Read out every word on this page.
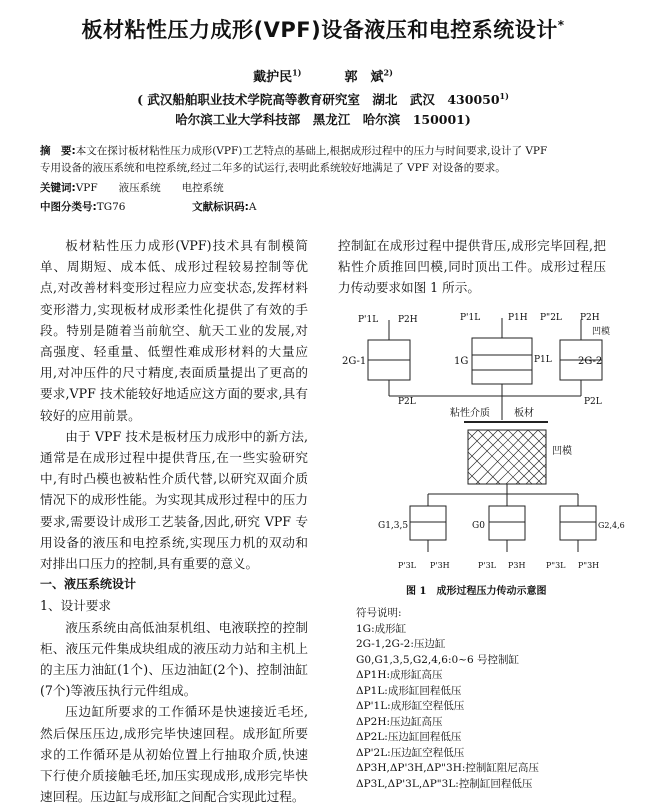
板材粘性压力成形(VPF)设备液压和电控系统设计*
戴护民$^{1)}$	郭　斌$^{2)}$
( 武汉船舶职业技术学院高等教育研究室　湖北　武汉　430050$^{1)}$
哈尔滨工业大学科技部　黑龙江　哈尔滨　150001)
摘　要:本文在探讨板材粘性压力成形(VPF)工艺特点的基础上,根据成形过程中的压力与时间要求,设计了 VPF
专用设备的液压系统和电控系统,经过二年多的试运行,表明此系统较好地满足了 VPF 对设备的要求。
关键词:VPF　　液压系统　　电控系统
中图分类号:TG76	文献标识码:A

板材粘性压力成形(VPF)技术具有制模简单、周期短、成本低、成形过程较易控制等优点,对改善材料变形过程应力应变状态,发挥材料变形潜力,实现板材成形柔性化提供了有效的手段。特别是随着当前航空、航天工业的发展,对高强度、轻重量、低塑性难成形材料的大量应用,对冲压件的尺寸精度,表面质量提出了更高的要求,VPF 技术能较好地适应这方面的要求,具有较好的应用前景。

由于 VPF 技术是板材压力成形中的新方法,通常是在成形过程中提供背压,在一些实验研究中,有时凸模也被粘性介质代替,以研究双面介质情况下的成形性能。为实现其成形过程中的压力要求,需要设计成形工艺装备,因此,研究 VPF 专用设备的液压和电控系统,实现压力机的双动和对排出口压力的控制,具有重要的意义。

一、液压系统设计

1、设计要求

液压系统由高低油泵机组、电液联控的控制柜、液压元件集成块组成的液压动力站和主机上的主压力油缸(1个)、压边油缸(2个)、控制油缸(7个)等液压执行元件组成。

压边缸所要求的工作循环是快速接近毛坯,然后保压压边,成形完毕快速回程。成形缸所要求的工作循环是从初始位置上行抽取介质,快速下行使介质接触毛坯,加压实现成形,成形完毕快速回程。压边缸与成形缸之间配合实现此过程。

控制缸在成形过程中提供背压,成形完毕回程,把粘性介质推回凹模,同时顶出工件。成形过程压力传动要求如图 1 所示。

P'1L P2H	P'1L	P1H P"2L P2H
凹模
2G-1	1G	P1L	2G-2
P2L	P2L
粘性介质 板材
凹模
G1,3,5	G0	G2,4,6
P'3L P'3H	P'3L P3H	P"3L P"3H
图 1　成形过程压力传动示意图
符号说明:
1G:成形缸
2G-1,2G-2:压边缸
G0,G1,3,5,G2,4,6:0~6 号控制缸
ΔP1H:成形缸高压
ΔP1L:成形缸回程低压
ΔP'1L:成形缸空程低压
ΔP2H:压边缸高压
ΔP2L:压边缸回程低压
ΔP'2L:压边缸空程低压
ΔP3H,ΔP'3H,ΔP"3H:控制缸阻尼高压
ΔP3L,ΔP'3L,ΔP"3L:控制缸回程低压
